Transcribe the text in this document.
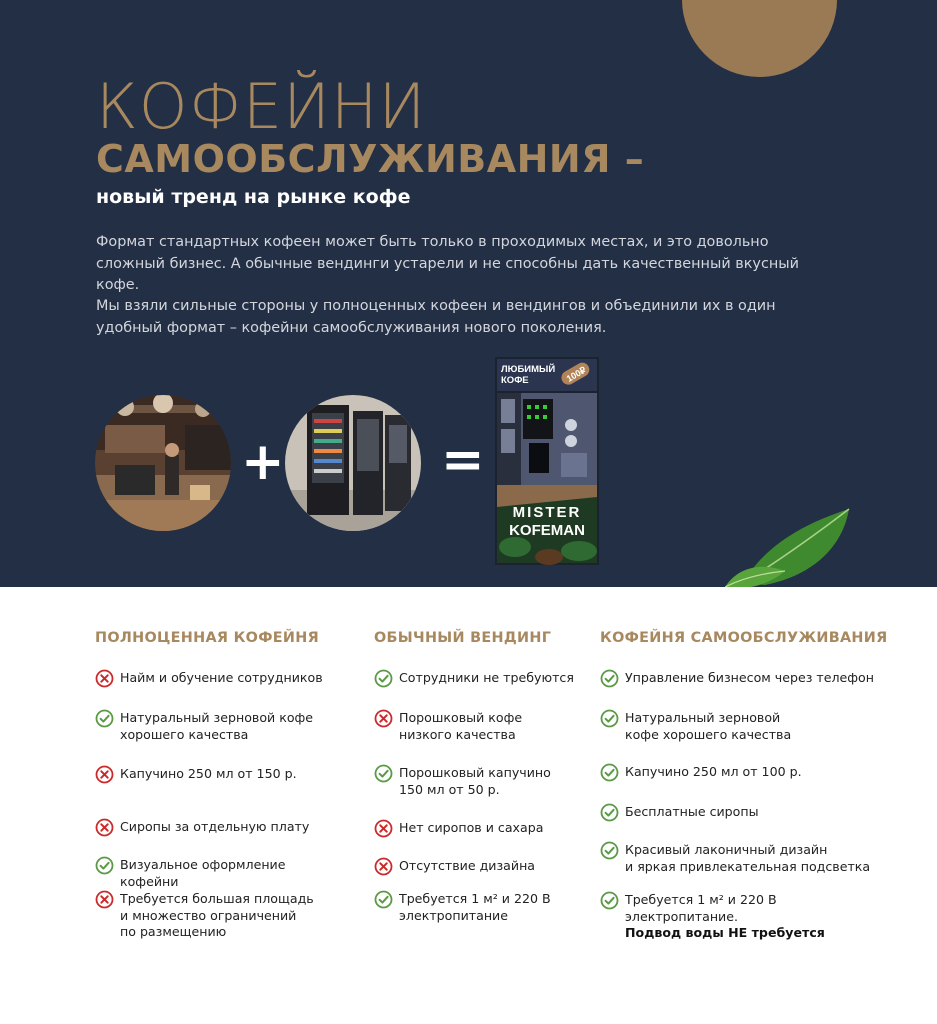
КОФЕЙНИ
САМООБСЛУЖИВАНИЯ –
новый тренд на рынке кофе
Формат стандартных кофеен может быть только в проходимых местах, и это довольно сложный бизнес. А обычные вендинги устарели и не способны дать качественный вкусный кофе.
Мы взяли сильные стороны у полноценных кофеен и вендингов и объединили их в один удобный формат – кофейни самообслуживания нового поколения.
+	=
ЛЮБИМЫЙ
КОФЕ	100₽
MISTER
KOFEMAN
ПОЛНОЦЕННАЯ КОФЕЙНЯ
Найм и обучение сотрудников
Натуральный зерновой кофе
хорошего качества
Капучино 250 мл от 150 р.
Сиропы за отдельную плату
Визуальное оформление кофейни
Требуется большая площадь
и множество ограничений
по размещению
ОБЫЧНЫЙ ВЕНДИНГ
Сотрудники не требуются
Порошковый кофе
низкого качества
Порошковый капучино
150 мл от 50 р.
Нет сиропов и сахара
Отсутствие дизайна
Требуется 1 м² и 220 В
электропитание
КОФЕЙНЯ САМООБСЛУЖИВАНИЯ
Управление бизнесом через телефон
Натуральный зерновой
кофе хорошего качества
Капучино 250 мл от 100 р.
Бесплатные сиропы
Красивый лаконичный дизайн
и яркая привлекательная подсветка
Требуется 1 м² и 220 В
электропитание.
Подвод воды НЕ требуется
